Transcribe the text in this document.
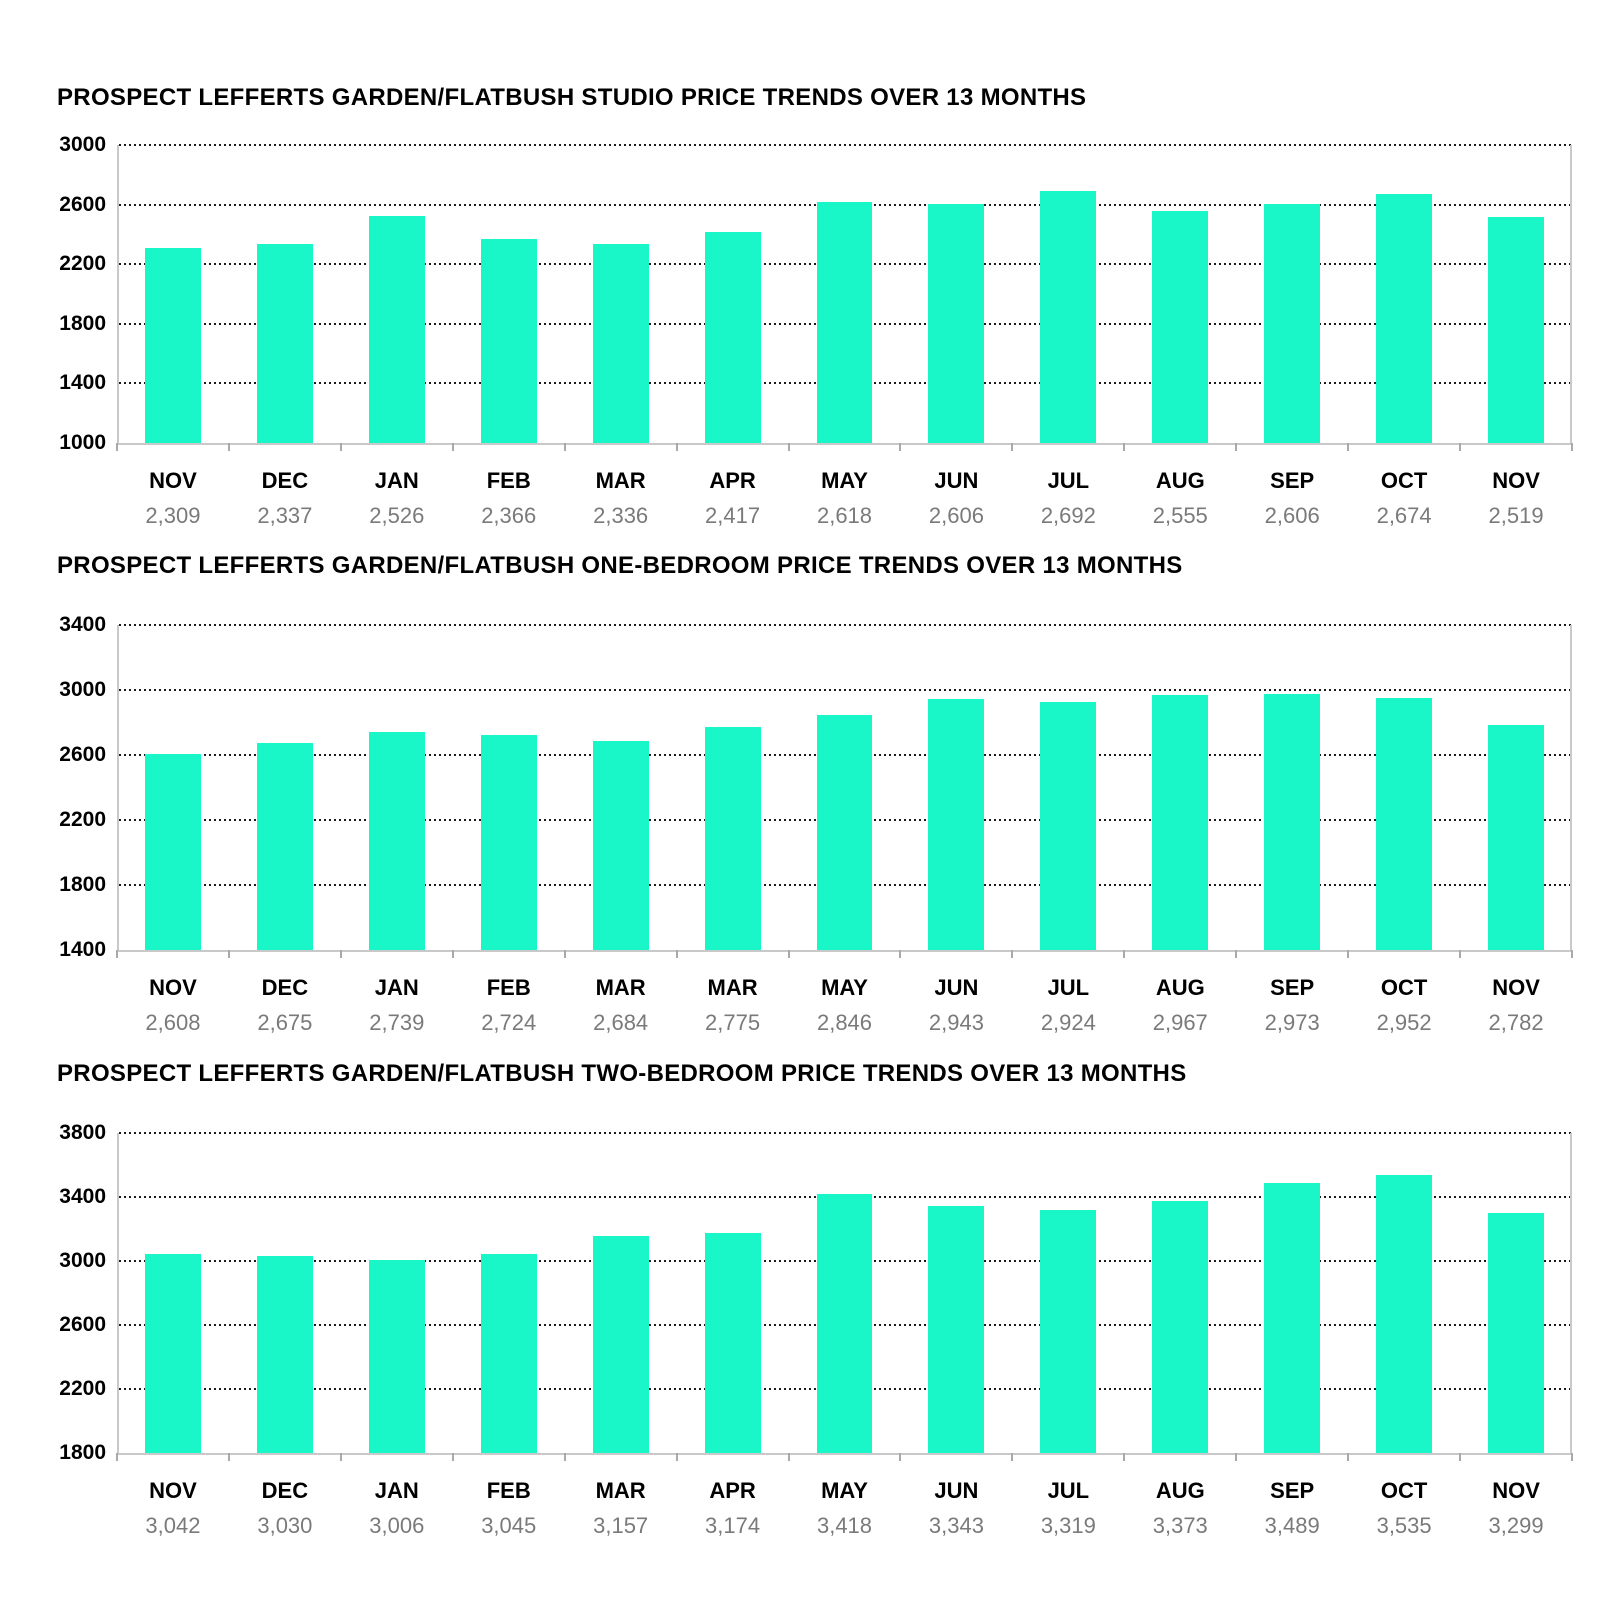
PROSPECT LEFFERTS GARDEN/FLATBUSH STUDIO PRICE TRENDS OVER 13 MONTHS
3000
2600
2200
1800
1400
1000
NOV
2,309
DEC
2,337
JAN
2,526
FEB
2,366
MAR
2,336
APR
2,417
MAY
2,618
JUN
2,606
JUL
2,692
AUG
2,555
SEP
2,606
OCT
2,674
NOV
2,519
PROSPECT LEFFERTS GARDEN/FLATBUSH ONE-BEDROOM PRICE TRENDS OVER 13 MONTHS
3400
3000
2600
2200
1800
1400
NOV
2,608
DEC
2,675
JAN
2,739
FEB
2,724
MAR
2,684
MAR
2,775
MAY
2,846
JUN
2,943
JUL
2,924
AUG
2,967
SEP
2,973
OCT
2,952
NOV
2,782
PROSPECT LEFFERTS GARDEN/FLATBUSH TWO-BEDROOM PRICE TRENDS OVER 13 MONTHS
3800
3400
3000
2600
2200
1800
NOV
3,042
DEC
3,030
JAN
3,006
FEB
3,045
MAR
3,157
APR
3,174
MAY
3,418
JUN
3,343
JUL
3,319
AUG
3,373
SEP
3,489
OCT
3,535
NOV
3,299
